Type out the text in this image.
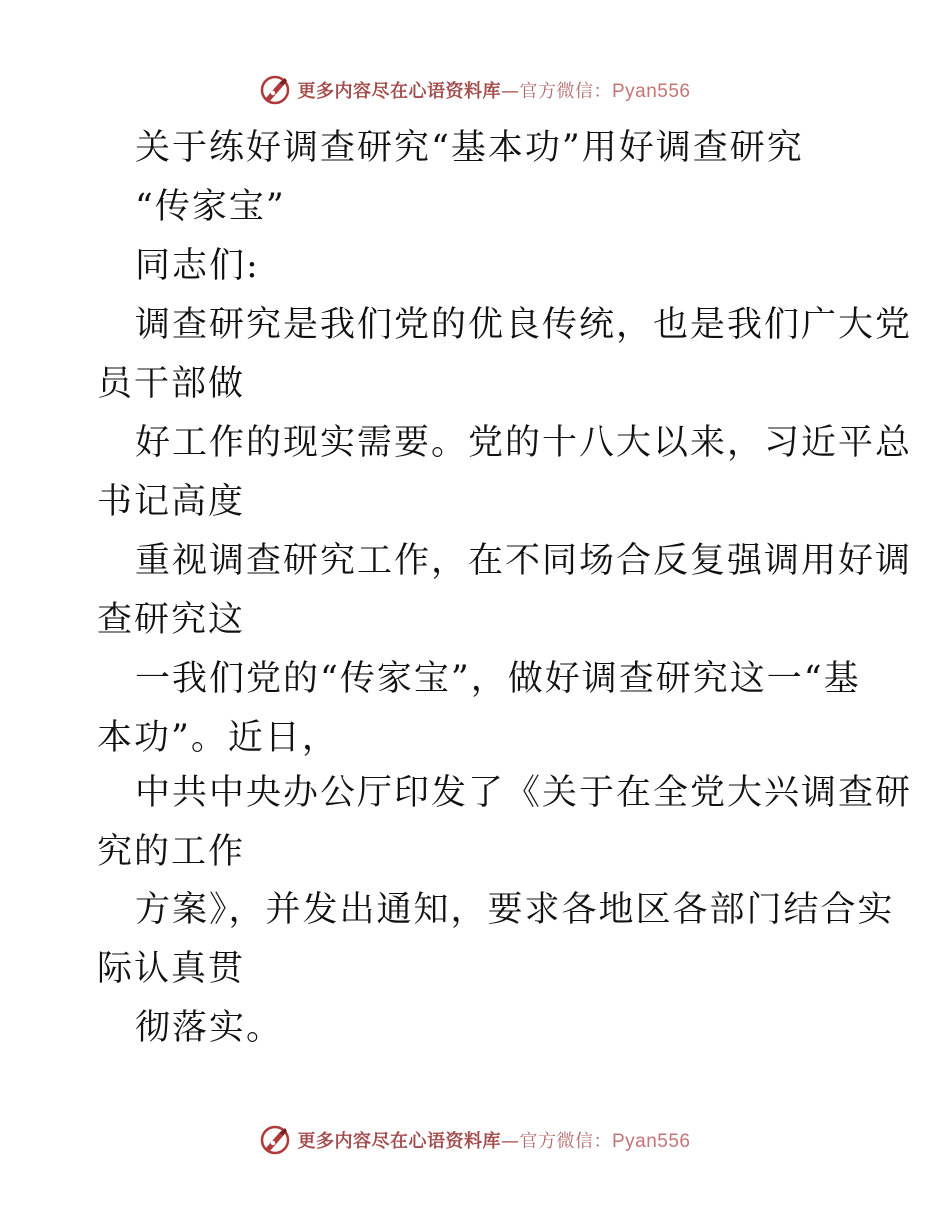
更多内容尽在心语资料库—官方微信：Pyan556
关于练好调查研究“基本功”用好调查研究
“传家宝”
同志们:
调查研究是我们党的优良传统，也是我们广大党
员干部做
好工作的现实需要。党的十八大以来，习近平总
书记高度
重视调查研究工作，在不同场合反复强调用好调
查研究这
一我们党的“传家宝”，做好调查研究这一“基
本功”。近日，
中共中央办公厅印发了《关于在全党大兴调查研
究的工作
方案》，并发出通知，要求各地区各部门结合实
际认真贯
彻落实。
更多内容尽在心语资料库—官方微信：Pyan556
